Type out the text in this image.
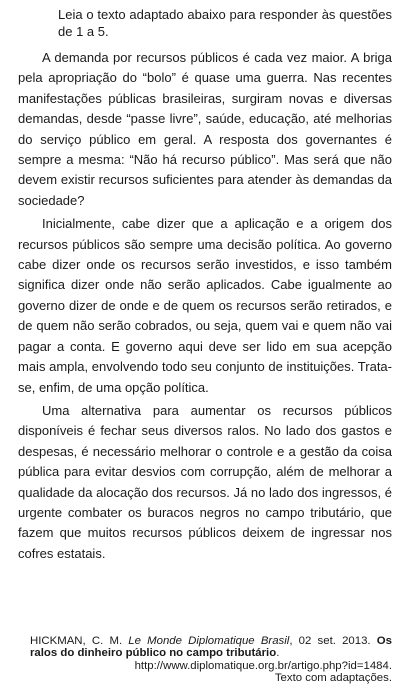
Leia o texto adaptado abaixo para responder às questões de 1 a 5.

A demanda por recursos públicos é cada vez maior. A briga pela apropriação do “bolo” é quase uma guerra. Nas recentes manifestações públicas brasileiras, surgiram novas e diversas demandas, desde “passe livre”, saúde, educação, até melhorias do serviço público em geral. A resposta dos governantes é sempre a mesma: “Não há recurso público”. Mas será que não devem existir recursos suficientes para atender às demandas da sociedade?

Inicialmente, cabe dizer que a aplicação e a origem dos recursos públicos são sempre uma decisão política. Ao governo cabe dizer onde os recursos serão investidos, e isso também significa dizer onde não serão aplicados. Cabe igualmente ao governo dizer de onde e de quem os recursos serão retirados, e de quem não serão cobrados, ou seja, quem vai e quem não vai pagar a conta. E governo aqui deve ser lido em sua acepção mais ampla, envolvendo todo seu conjunto de instituições. Trata-se, enfim, de uma opção política.

Uma alternativa para aumentar os recursos públicos disponíveis é fechar seus diversos ralos. No lado dos gastos e despesas, é necessário melhorar o controle e a gestão da coisa pública para evitar desvios com corrupção, além de melhorar a qualidade da alocação dos recursos. Já no lado dos ingressos, é urgente combater os buracos negros no campo tributário, que fazem que muitos recursos públicos deixem de ingressar nos cofres estatais.

HICKMAN, C. M. Le Monde Diplomatique Brasil, 02 set. 2013. Os ralos do dinheiro público no campo tributário.
http://www.diplomatique.org.br/artigo.php?id=1484.
Texto com adaptações.
